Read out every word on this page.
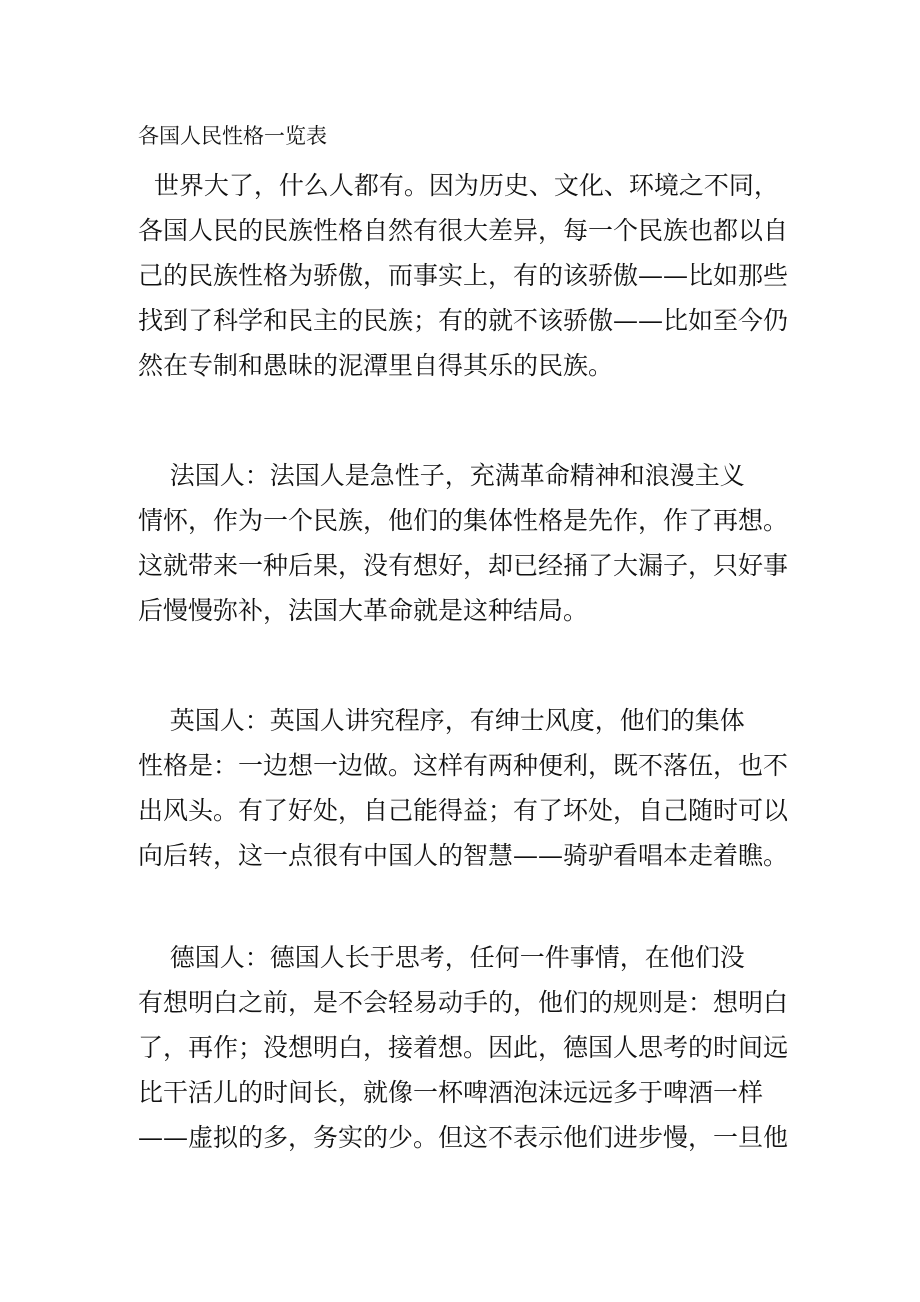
各国人民性格一览表
世界大了，什么人都有。因为历史、文化、环境之不同，
各国人民的民族性格自然有很大差异，每一个民族也都以自
己的民族性格为骄傲，而事实上，有的该骄傲——比如那些
找到了科学和民主的民族；有的就不该骄傲——比如至今仍
然在专制和愚昧的泥潭里自得其乐的民族。
法国人：法国人是急性子，充满革命精神和浪漫主义
情怀，作为一个民族，他们的集体性格是先作，作了再想。
这就带来一种后果，没有想好，却已经捅了大漏子，只好事
后慢慢弥补，法国大革命就是这种结局。
英国人：英国人讲究程序，有绅士风度，他们的集体
性格是：一边想一边做。这样有两种便利，既不落伍，也不
出风头。有了好处，自己能得益；有了坏处，自己随时可以
向后转，这一点很有中国人的智慧——骑驴看唱本走着瞧。
德国人：德国人长于思考，任何一件事情，在他们没
有想明白之前，是不会轻易动手的，他们的规则是：想明白
了，再作；没想明白，接着想。因此，德国人思考的时间远
比干活儿的时间长，就像一杯啤酒泡沫远远多于啤酒一样
——虚拟的多，务实的少。但这不表示他们进步慢，一旦他
